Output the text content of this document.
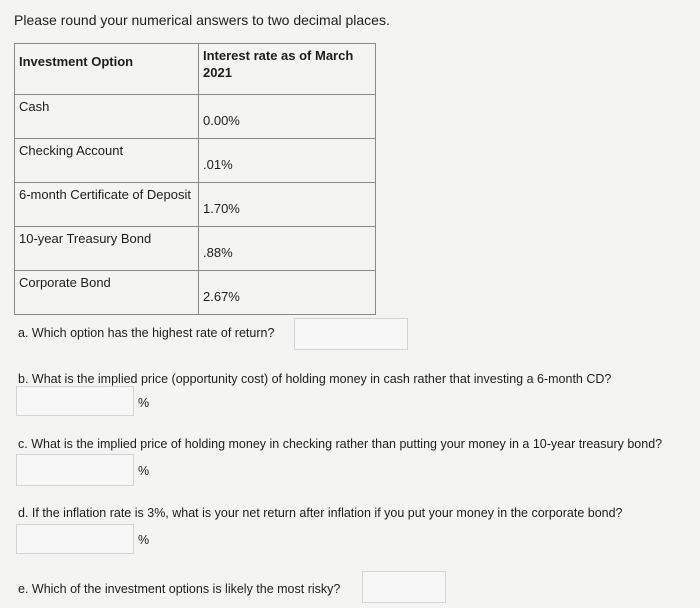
Please round your numerical answers to two decimal places.
Investment Option	Interest rate as of March 2021
Cash	0.00%

Checking Account	.01%

6-month Certificate of Deposit	1.70%

10-year Treasury Bond	.88%

Corporate Bond	2.67%
a. Which option has the highest rate of return?
b. What is the implied price (opportunity cost) of holding money in cash rather that investing a 6-month CD?
%
c. What is the implied price of holding money in checking rather than putting your money in a 10-year treasury bond?
%
d. If the inflation rate is 3%, what is your net return after inflation if you put your money in the corporate bond?
%
e. Which of the investment options is likely the most risky?
